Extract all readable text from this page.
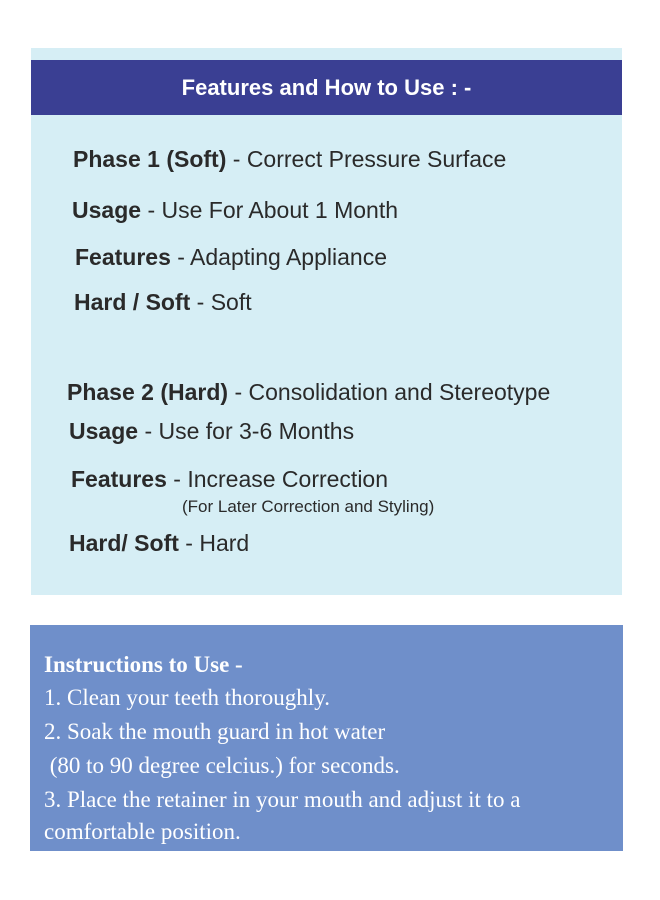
Features and How to Use : -
Phase 1 (Soft) - Correct Pressure Surface
Usage - Use For About 1 Month
Features - Adapting Appliance
Hard / Soft - Soft
Phase 2 (Hard) - Consolidation and Stereotype
Usage - Use for 3-6 Months
Features - Increase Correction
(For Later Correction and Styling)
Hard/ Soft - Hard
Instructions to Use -
1. Clean your teeth thoroughly.
2. Soak the mouth guard in hot water
(80 to 90 degree celcius.) for seconds.
3. Place the retainer in your mouth and adjust it to a
comfortable position.
